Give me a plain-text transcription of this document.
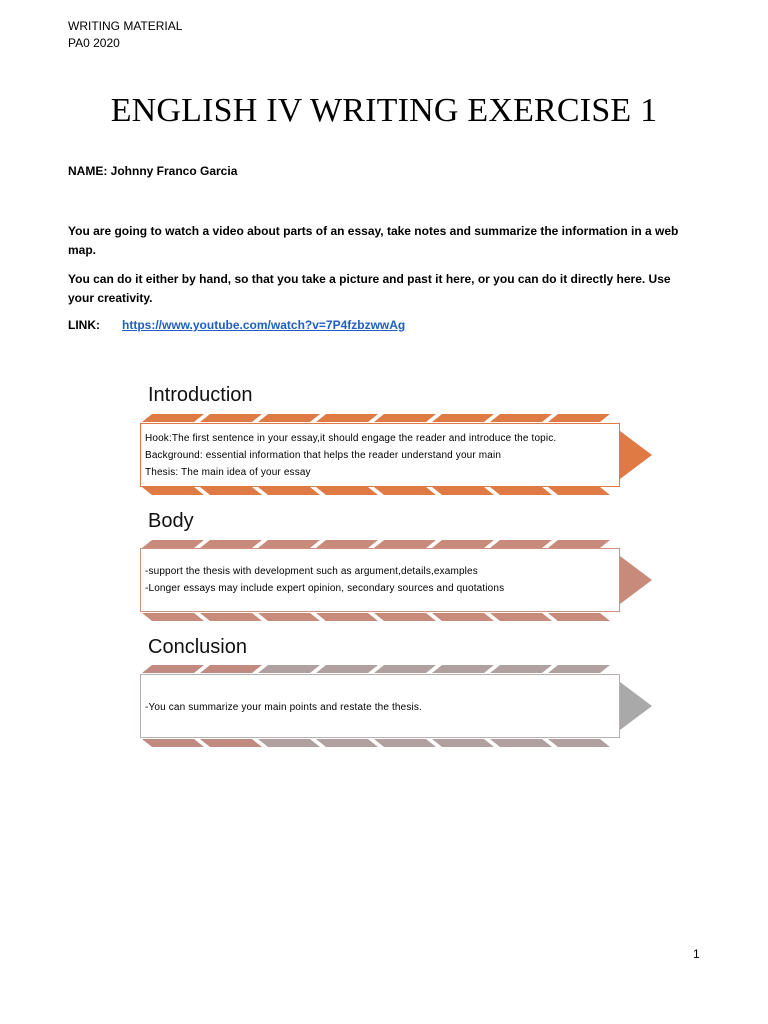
WRITING MATERIAL
PA0 2020
ENGLISH IV WRITING EXERCISE 1
NAME: Johnny Franco Garcia
You are going to watch a video about parts of an essay, take notes and summarize the information in a web map.
You can do it either by hand, so that you take a picture and past it here, or you can do it directly here. Use your creativity.
LINK: https://www.youtube.com/watch?v=7P4fzbzwwAg
Introduction
Hook:The first sentence in your essay,it should engage the reader and introduce the topic.
Background: essential information that helps the reader understand your main
Thesis: The main idea of your essay
Body
-support the thesis with development such as argument,details,examples
-Longer essays may include expert opinion, secondary sources and quotations
Conclusion
-You can summarize your main points and restate the thesis.
1
